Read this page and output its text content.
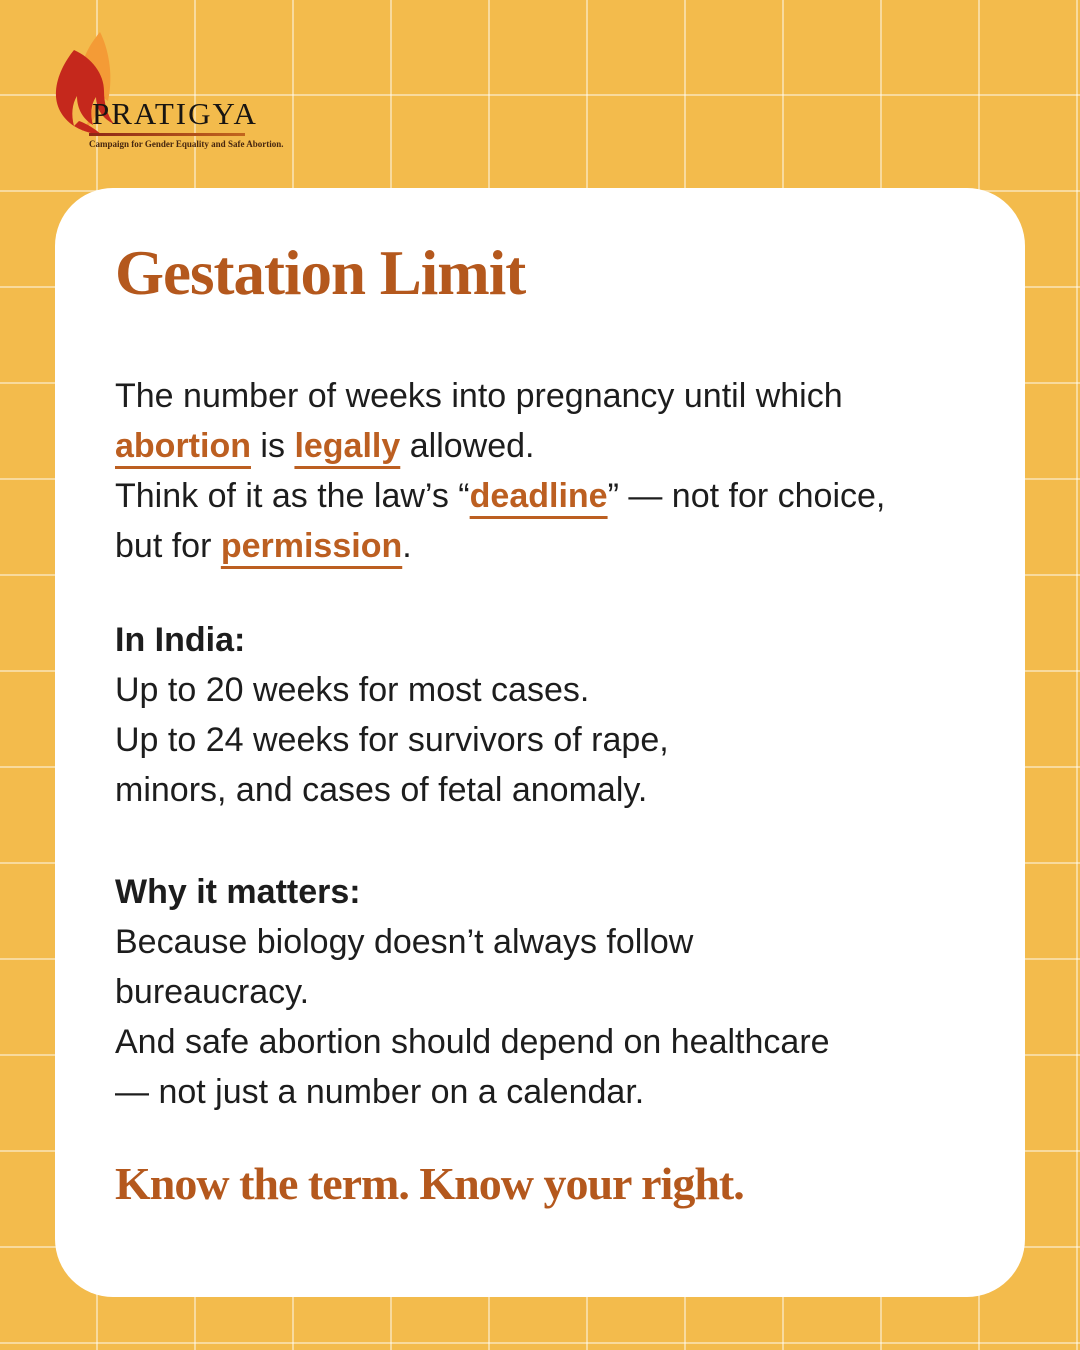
PRATIGYA
Campaign for Gender Equality and Safe Abortion.
Gestation Limit

The number of weeks into pregnancy until which
abortion is legally allowed.
Think of it as the law’s “deadline” — not for choice,
but for permission.

In India:
Up to 20 weeks for most cases.
Up to 24 weeks for survivors of rape,
minors, and cases of fetal anomaly.
Why it matters:
Because biology doesn’t always follow
bureaucracy.
And safe abortion should depend on healthcare
— not just a number on a calendar.
Know the term. Know your right.
